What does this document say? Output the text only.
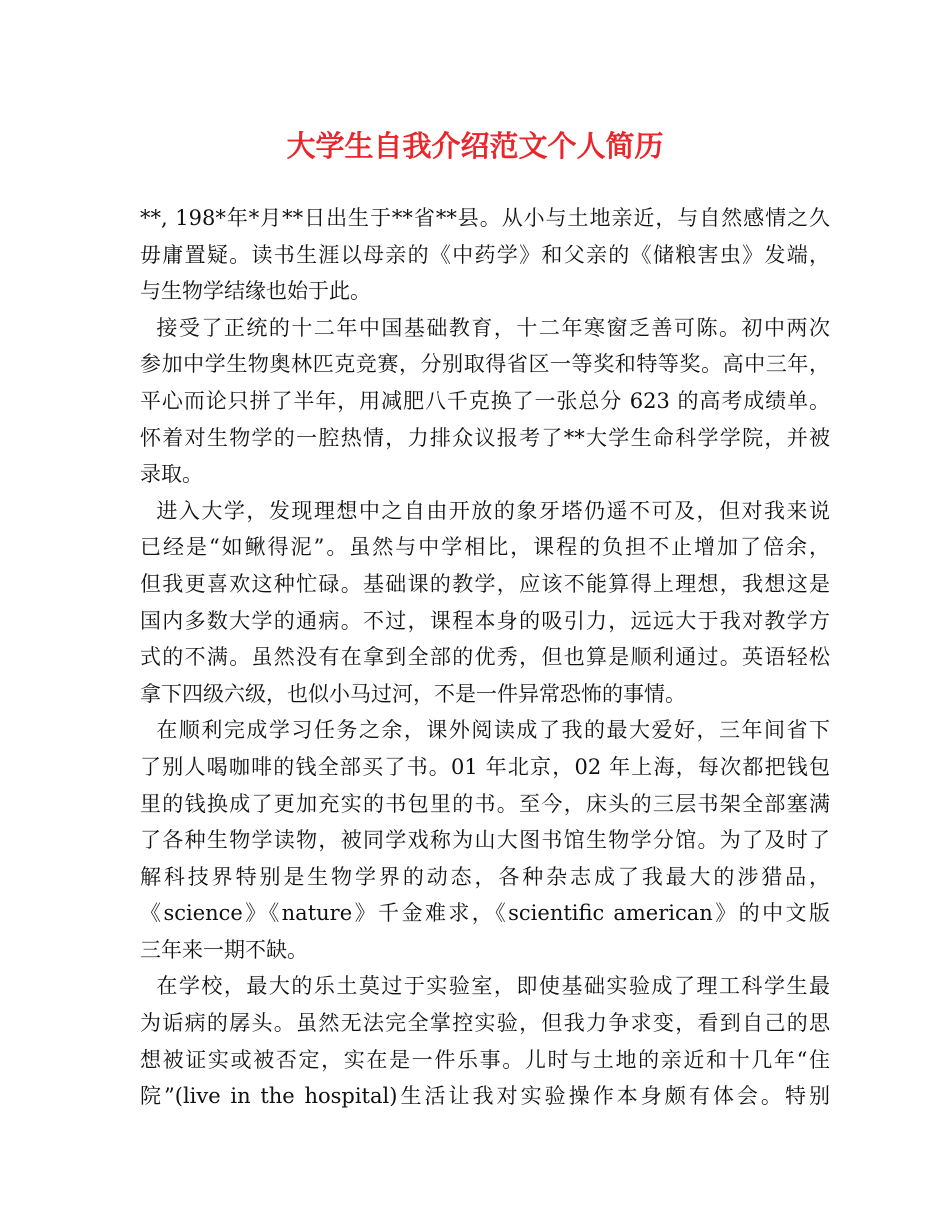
大学生自我介绍范文个人简历
**, 198*年*月**日出生于**省**县。从小与土地亲近，与自然感情之久
毋庸置疑。读书生涯以母亲的《中药学》和父亲的《储粮害虫》发端，
与生物学结缘也始于此。
接受了正统的十二年中国基础教育，十二年寒窗乏善可陈。初中两次
参加中学生物奥林匹克竞赛，分别取得省区一等奖和特等奖。高中三年，
平心而论只拼了半年，用减肥八千克换了一张总分 623 的高考成绩单。
怀着对生物学的一腔热情，力排众议报考了**大学生命科学学院，并被
录取。
进入大学，发现理想中之自由开放的象牙塔仍遥不可及，但对我来说
已经是“如鳅得泥”。虽然与中学相比，课程的负担不止增加了倍余，
但我更喜欢这种忙碌。基础课的教学，应该不能算得上理想，我想这是
国内多数大学的通病。不过，课程本身的吸引力，远远大于我对教学方
式的不满。虽然没有在拿到全部的优秀，但也算是顺利通过。英语轻松
拿下四级六级，也似小马过河，不是一件异常恐怖的事情。
在顺利完成学习任务之余，课外阅读成了我的最大爱好，三年间省下
了别人喝咖啡的钱全部买了书。01 年北京，02 年上海，每次都把钱包
里的钱换成了更加充实的书包里的书。至今，床头的三层书架全部塞满
了各种生物学读物，被同学戏称为山大图书馆生物学分馆。为了及时了
解科技界特别是生物学界的动态，各种杂志成了我最大的涉猎品，
《science》《nature》千金难求，《scientific american》的中文版
三年来一期不缺。
在学校，最大的乐土莫过于实验室，即使基础实验成了理工科学生最
为诟病的孱头。虽然无法完全掌控实验，但我力争求变，看到自己的思
想被证实或被否定，实在是一件乐事。儿时与土地的亲近和十几年“住
院”(live in the hospital)生活让我对实验操作本身颇有体会。特别
